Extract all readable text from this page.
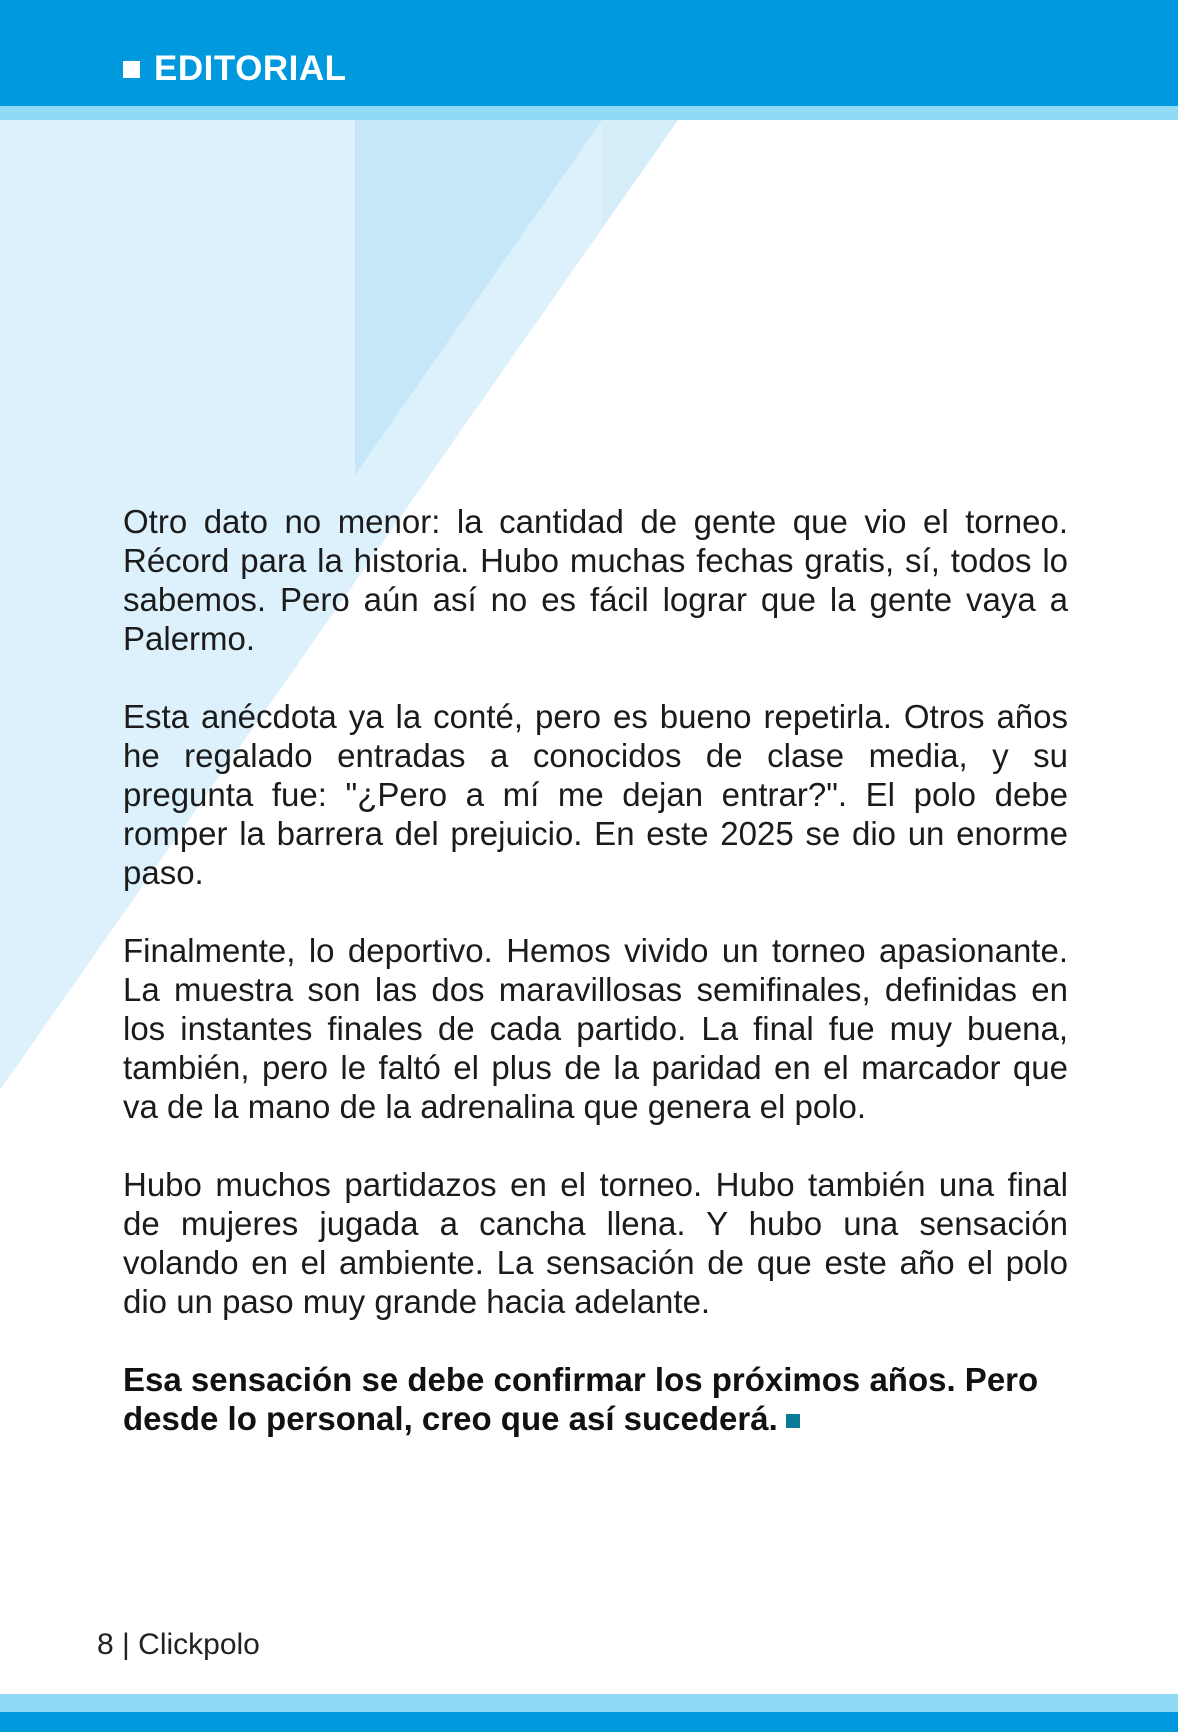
EDITORIAL

Otro dato no menor: la cantidad de gente que vio el torneo. Récord para la historia. Hubo muchas fechas gratis, sí, todos lo sabemos. Pero aún así no es fácil lograr que la gente vaya a Palermo.

Esta anécdota ya la conté, pero es bueno repetirla. Otros años he regalado entradas a conocidos de clase media, y su pregunta fue: "¿Pero a mí me dejan entrar?". El polo debe romper la barrera del prejuicio. En este 2025 se dio un enorme paso.

Finalmente, lo deportivo. Hemos vivido un torneo apasionante. La muestra son las dos maravillosas semifinales, definidas en los instantes finales de cada partido. La final fue muy buena, también, pero le faltó el plus de la paridad en el marcador que va de la mano de la adrenalina que genera el polo.

Hubo muchos partidazos en el torneo. Hubo también una final de mujeres jugada a cancha llena. Y hubo una sensación volando en el ambiente. La sensación de que este año el polo dio un paso muy grande hacia adelante.

Esa sensación se debe confirmar los próximos años. Pero desde lo personal, creo que así sucederá.

8 | Clickpolo
